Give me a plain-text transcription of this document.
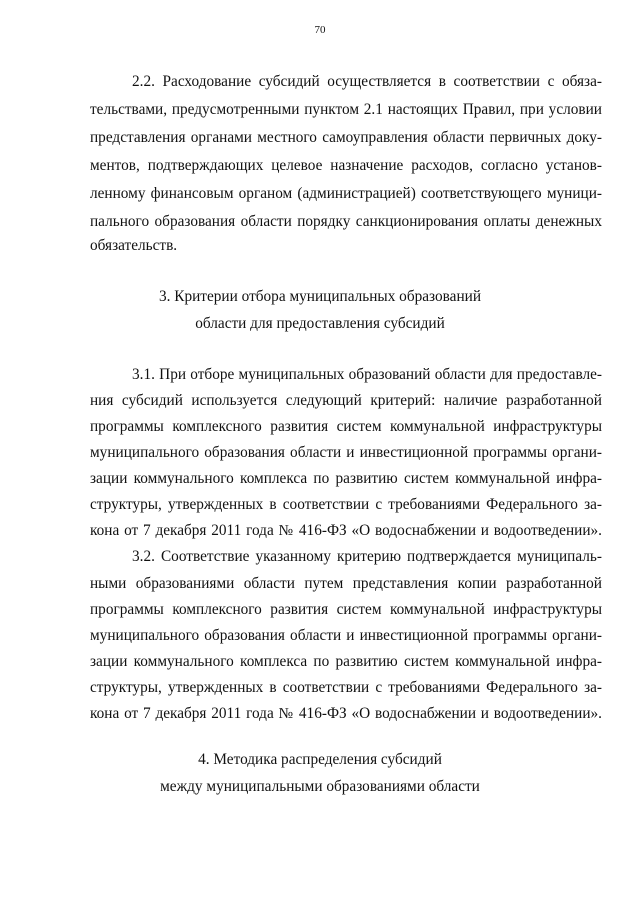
70
2.2. Расходование субсидий осуществляется в соответствии с обяза-
тельствами, предусмотренными пунктом 2.1 настоящих Правил, при условии
представления органами местного самоуправления области первичных доку-
ментов, подтверждающих целевое назначение расходов, согласно установ-
ленному финансовым органом (администрацией) соответствующего муници-
пального образования области порядку санкционирования оплаты денежных
обязательств.
3. Критерии отбора муниципальных образований
области для предоставления субсидий
3.1. При отборе муниципальных образований области для предоставле-
ния субсидий используется следующий критерий: наличие разработанной
программы комплексного развития систем коммунальной инфраструктуры
муниципального образования области и инвестиционной программы органи-
зации коммунального комплекса по развитию систем коммунальной инфра-
структуры, утвержденных в соответствии с требованиями Федерального за-
кона от 7 декабря 2011 года № 416-ФЗ «О водоснабжении и водоотведении».
3.2. Соответствие указанному критерию подтверждается муниципаль-
ными образованиями области путем представления копии разработанной
программы комплексного развития систем коммунальной инфраструктуры
муниципального образования области и инвестиционной программы органи-
зации коммунального комплекса по развитию систем коммунальной инфра-
структуры, утвержденных в соответствии с требованиями Федерального за-
кона от 7 декабря 2011 года № 416-ФЗ «О водоснабжении и водоотведении».
4. Методика распределения субсидий
между муниципальными образованиями области
